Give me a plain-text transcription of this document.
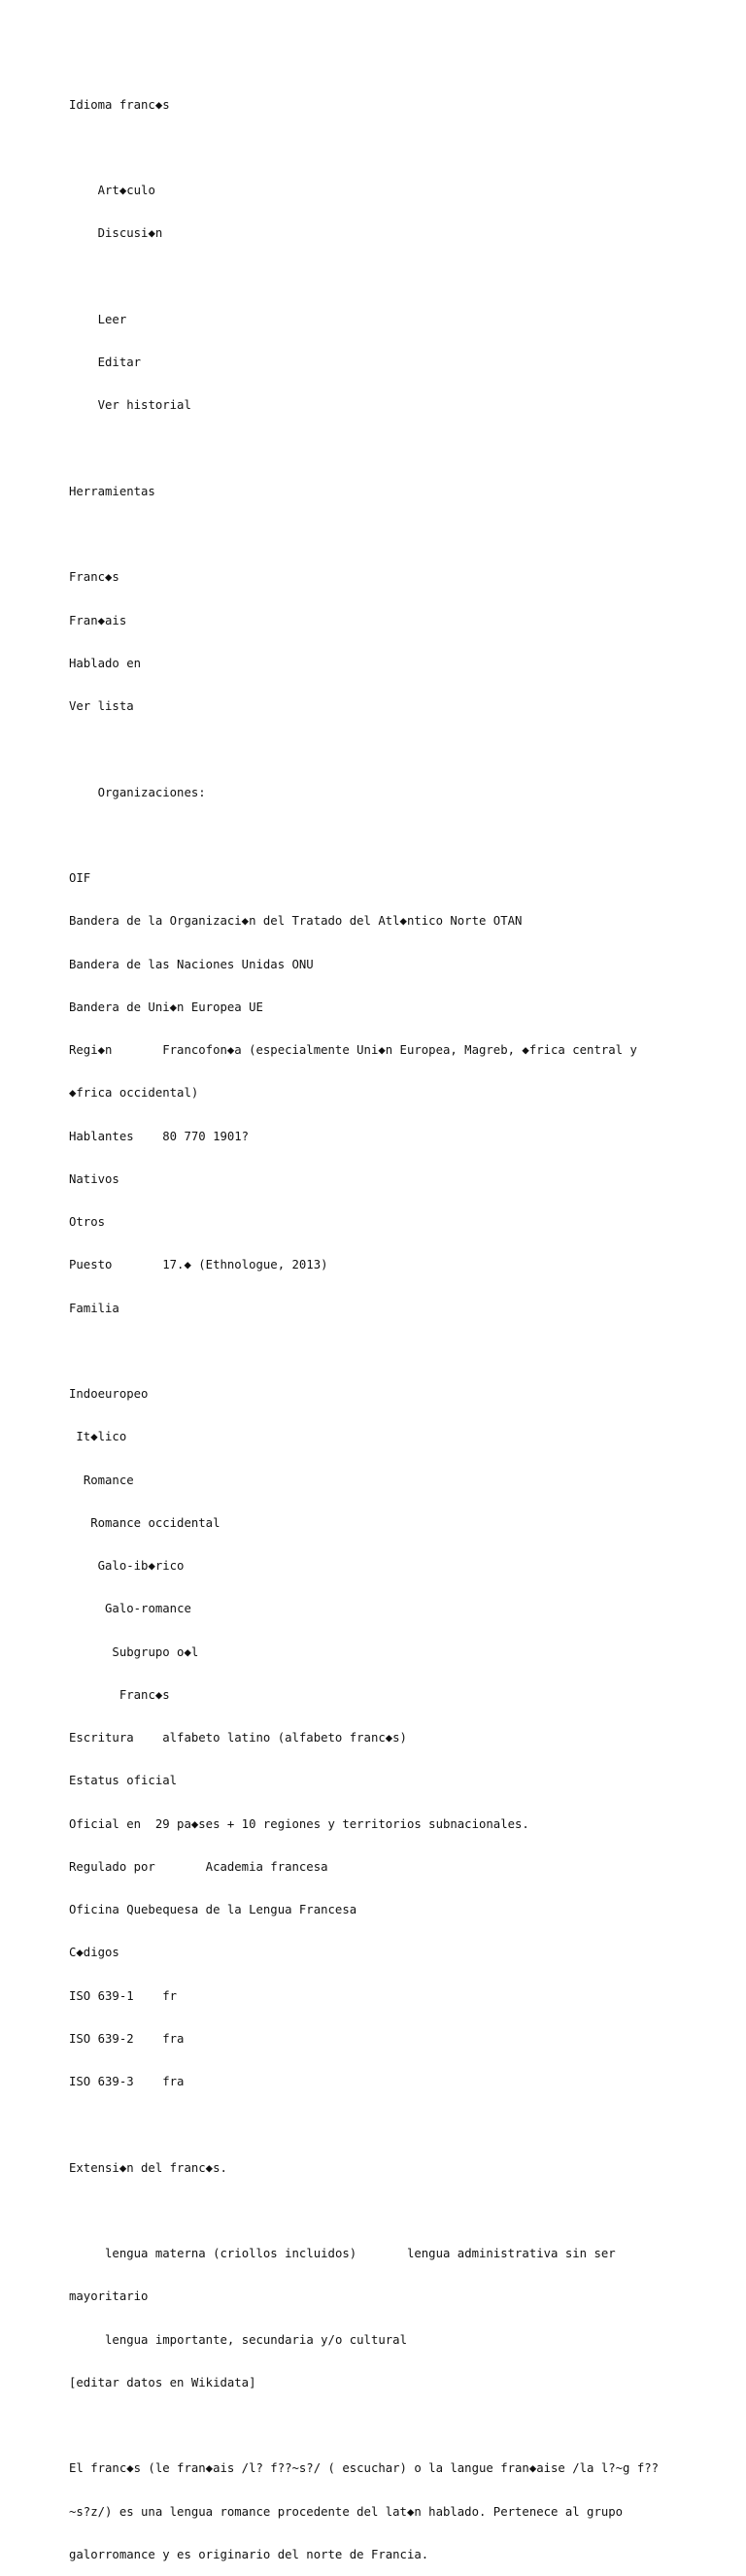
Idioma franc◆s

Art◆culo

Discusi◆n

Leer

Editar

Ver historial

Herramientas

Franc◆s

Fran◆ais

Hablado en

Ver lista

Organizaciones:

OIF

Bandera de la Organizaci◆n del Tratado del Atl◆ntico Norte OTAN

Bandera de las Naciones Unidas ONU

Bandera de Uni◆n Europea UE

Regi◆n       Francofon◆a (especialmente Uni◆n Europea, Magreb, ◆frica central y

◆frica occidental)

Hablantes    80 770 1901?

Nativos

Otros

Puesto       17.◆ (Ethnologue, 2013)

Familia

Indoeuropeo

It◆lico

Romance

Romance occidental

Galo-ib◆rico

Galo-romance

Subgrupo o◆l

Franc◆s

Escritura    alfabeto latino (alfabeto franc◆s)

Estatus oficial

Oficial en  29 pa◆ses + 10 regiones y territorios subnacionales.

Regulado por       Academia francesa

Oficina Quebequesa de la Lengua Francesa

C◆digos

ISO 639-1    fr

ISO 639-2    fra

ISO 639-3    fra

Extensi◆n del franc◆s.

lengua materna (criollos incluidos)       lengua administrativa sin ser

mayoritario

lengua importante, secundaria y/o cultural

[editar datos en Wikidata]

El franc◆s (le fran◆ais /l? f??~s?/ ( escuchar) o la langue fran◆aise /la l?~g f??

~s?z/) es una lengua romance procedente del lat◆n hablado. Pertenece al grupo

galorromance y es originario del norte de Francia.
